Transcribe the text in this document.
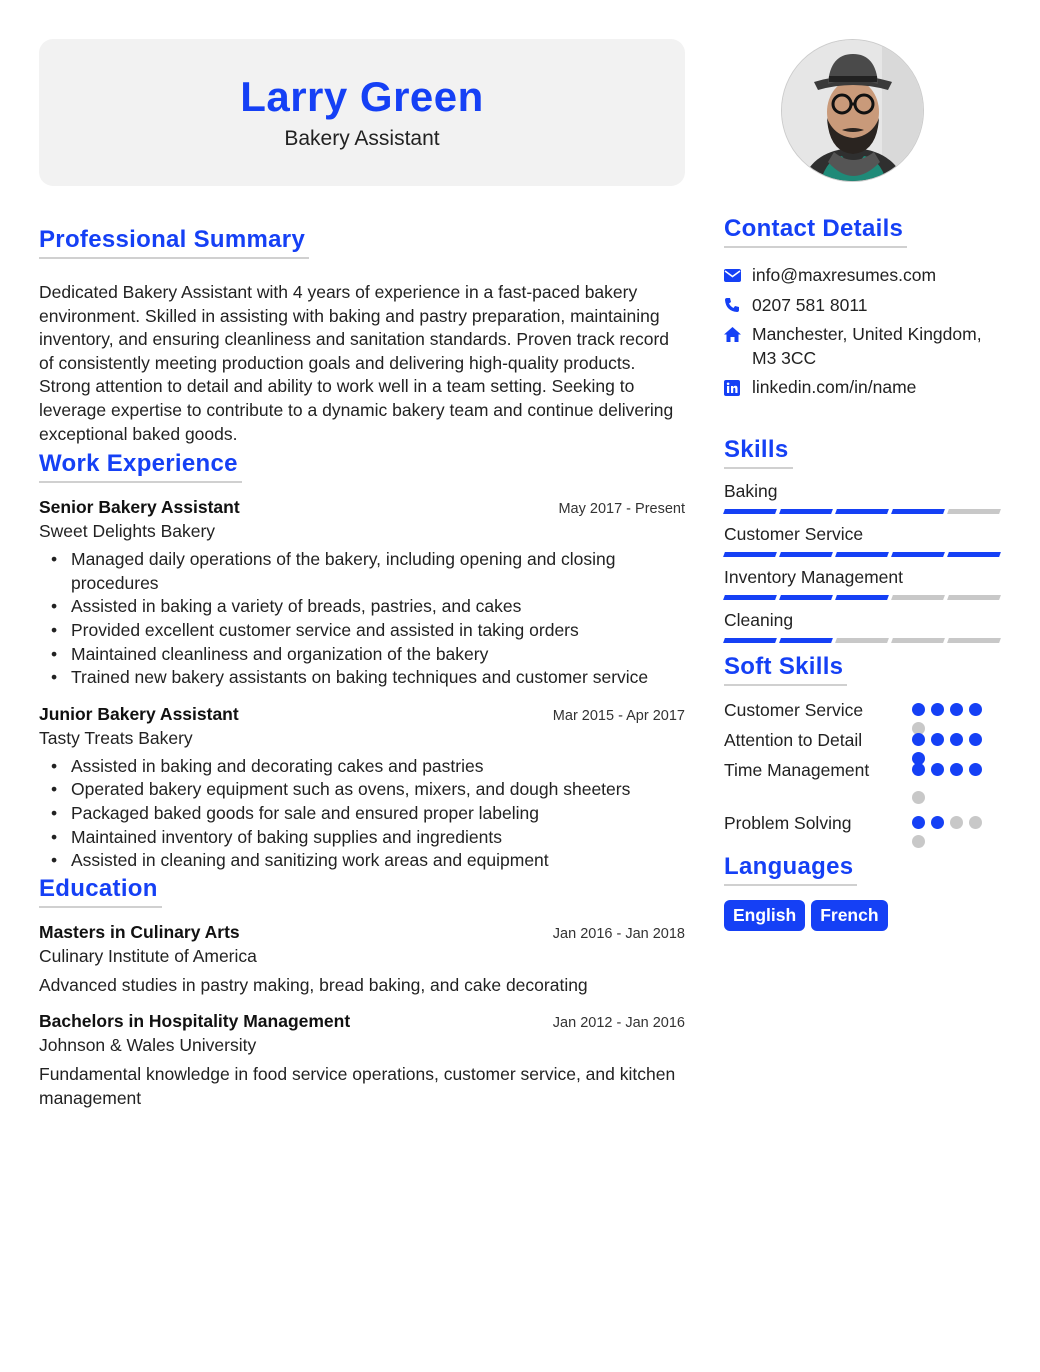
Larry Green
Bakery Assistant
Professional Summary

Dedicated Bakery Assistant with 4 years of experience in a fast-paced bakery environment. Skilled in assisting with baking and pastry preparation, maintaining inventory, and ensuring cleanliness and sanitation standards. Proven track record of consistently meeting production goals and delivering high-quality products. Strong attention to detail and ability to work well in a team setting. Seeking to leverage expertise to contribute to a dynamic bakery team and continue delivering exceptional baked goods.

Work Experience
Senior Bakery Assistant	May 2017 - Present
Sweet Delights Bakery
• Managed daily operations of the bakery, including opening and closing procedures
• Assisted in baking a variety of breads, pastries, and cakes
• Provided excellent customer service and assisted in taking orders
• Maintained cleanliness and organization of the bakery
• Trained new bakery assistants on baking techniques and customer service
Junior Bakery Assistant	Mar 2015 - Apr 2017
Tasty Treats Bakery
• Assisted in baking and decorating cakes and pastries
• Operated bakery equipment such as ovens, mixers, and dough sheeters
• Packaged baked goods for sale and ensured proper labeling
• Maintained inventory of baking supplies and ingredients
• Assisted in cleaning and sanitizing work areas and equipment
Education
Masters in Culinary Arts	Jan 2016 - Jan 2018
Culinary Institute of America
Advanced studies in pastry making, bread baking, and cake decorating
Bachelors in Hospitality Management	Jan 2012 - Jan 2016
Johnson & Wales University
Fundamental knowledge in food service operations, customer service, and kitchen management
Contact Details
info@maxresumes.com
0207 581 8011
Manchester, United Kingdom, M3 3CC
linkedin.com/in/name
Skills
Baking
Customer Service
Inventory Management
Cleaning
Soft Skills
Customer Service
Attention to Detail
Time Management
Problem Solving
Languages
English	French
